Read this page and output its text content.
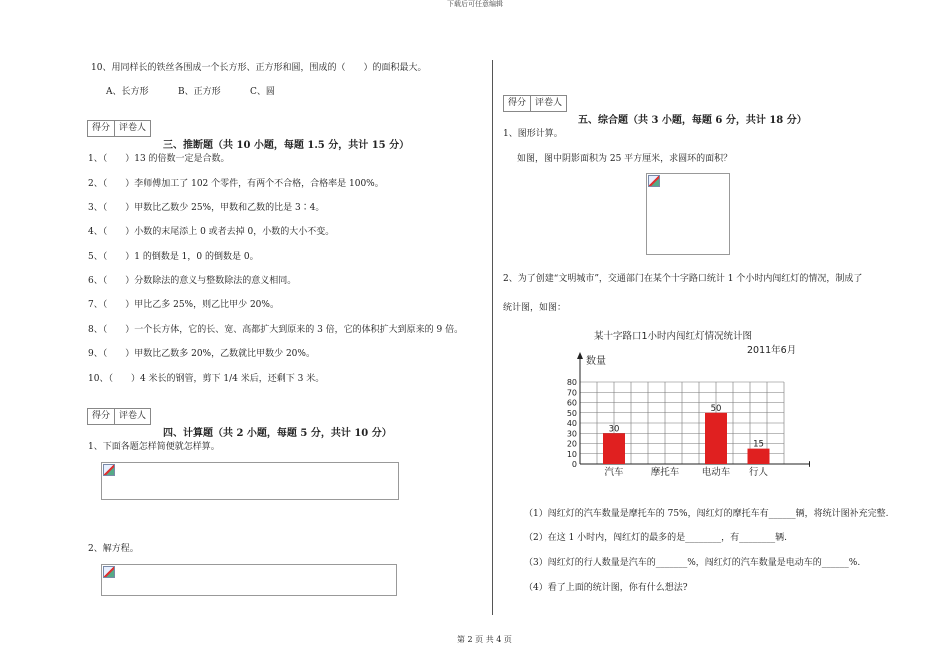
下载后可任意编辑
第 2 页 共 4 页
10、用同样长的铁丝各围成一个长方形、正方形和圆，围成的（　　）的面积最大。
A、长方形	B、正方形	C、圆
得分	评卷人
三、推断题（共 10 小题，每题 1.5 分，共计 15 分）
1、（　　）13 的倍数一定是合数。
2、（　　）李师傅加工了 102 个零件，有两个不合格，合格率是 100%。
3、（　　）甲数比乙数少 25%，甲数和乙数的比是 3∶4。
4、（　　）小数的末尾添上 0 或者去掉 0，小数的大小不变。
5、（　　）1 的倒数是 1，0 的倒数是 0。
6、（　　）分数除法的意义与整数除法的意义相同。
7、（　　）甲比乙多 25%，则乙比甲少 20%。
8、（　　）一个长方体，它的长、宽、高都扩大到原来的 3 倍，它的体积扩大到原来的 9 倍。
9、（　　）甲数比乙数多 20%，乙数就比甲数少 20%。
10、（　　）4 米长的钢管，剪下 1/4 米后，还剩下 3 米。
得分	评卷人
四、计算题（共 2 小题，每题 5 分，共计 10 分）
1、下面各题怎样简便就怎样算。
2、解方程。
得分	评卷人
五、综合题（共 3 小题，每题 6 分，共计 18 分）
1、图形计算。
如图，图中阴影面积为 25 平方厘米，求圆环的面积？
2、为了创建“文明城市”，交通部门在某个十字路口统计 1 个小时内闯红灯的情况，制成了
统计图，如图：
某十字路口1小时内闯红灯情况统计图
2011年6月
0
10
20
30
40
50
60
70
80
数量
30
汽车	摩托车
50
电动车
15
行人
（1）闯红灯的汽车数量是摩托车的 75%，闯红灯的摩托车有______辆，将统计图补充完整.
（2）在这 1 小时内，闯红灯的最多的是________，有________辆.
（3）闯红灯的行人数量是汽车的_______%，闯红灯的汽车数量是电动车的______%.
（4）看了上面的统计图，你有什么想法?
